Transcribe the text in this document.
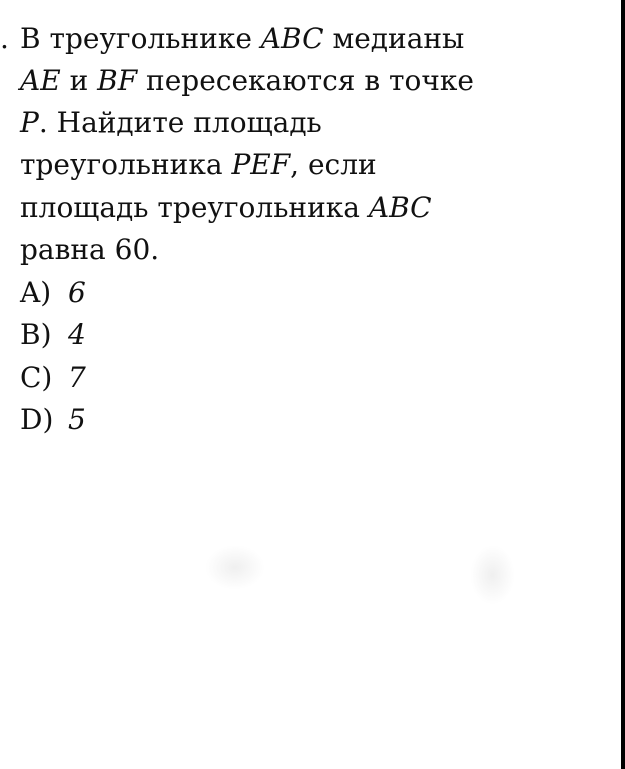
. В треугольнике ABC медианы
AE и BF пересекаются в точке
P. Найдите площадь
треугольника PEF, если
площадь треугольника ABC
равна 60.
A) 6
B) 4
C) 7
D) 5
